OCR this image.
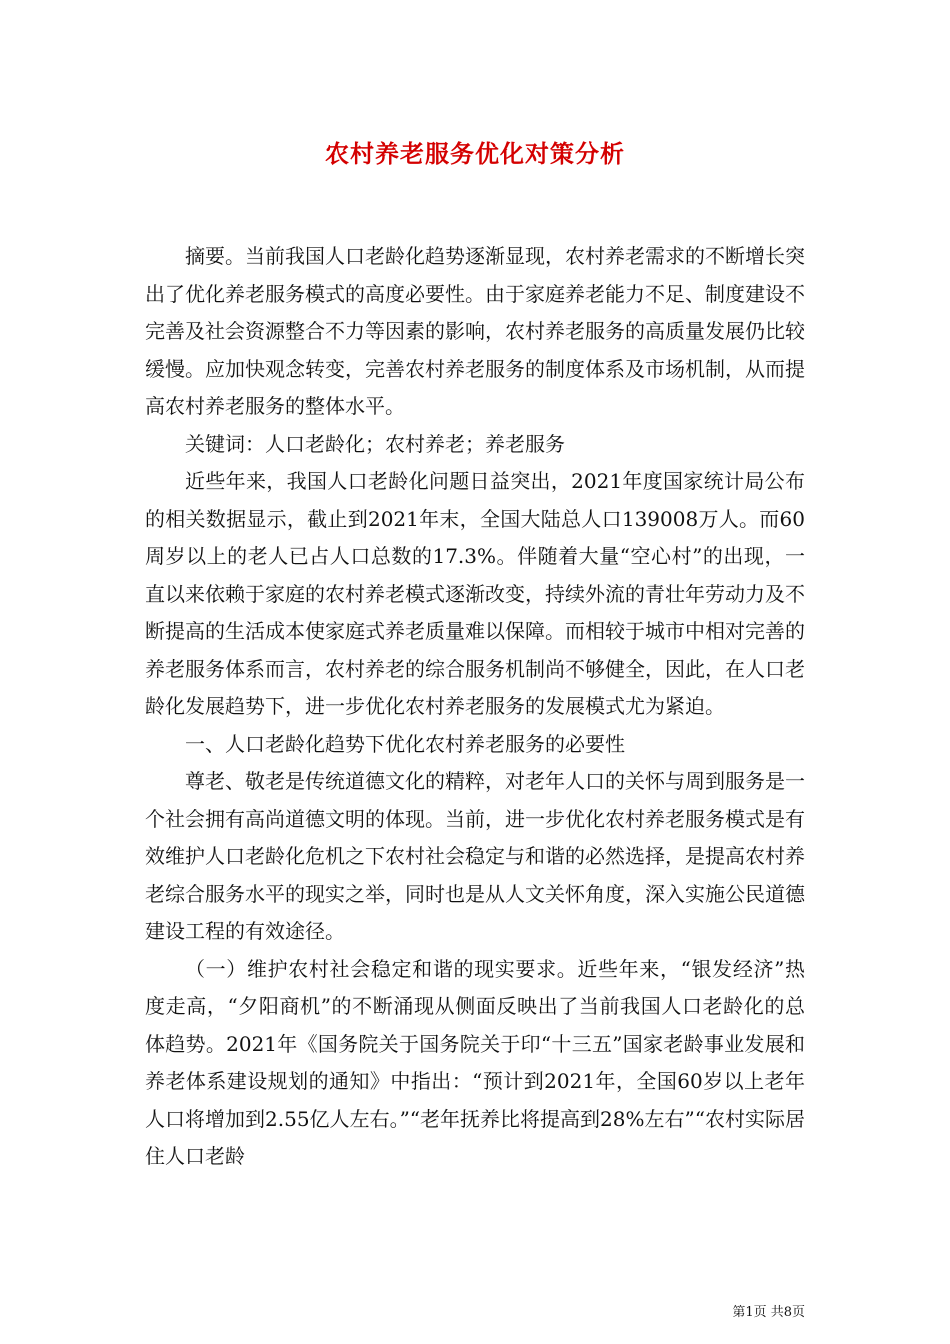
农村养老服务优化对策分析

摘要。当前我国人口老龄化趋势逐渐显现，农村养老需求的不断增长突出了优化养老服务模式的高度必要性。由于家庭养老能力不足、制度建设不完善及社会资源整合不力等因素的影响，农村养老服务的高质量发展仍比较缓慢。应加快观念转变，完善农村养老服务的制度体系及市场机制，从而提高农村养老服务的整体水平。

关键词：人口老龄化；农村养老；养老服务

近些年来，我国人口老龄化问题日益突出，2021年度国家统计局公布的相关数据显示，截止到2021年末，全国大陆总人口139008万人。而60周岁以上的老人已占人口总数的17.3%。伴随着大量“空心村”的出现，一直以来依赖于家庭的农村养老模式逐渐改变，持续外流的青壮年劳动力及不断提高的生活成本使家庭式养老质量难以保障。而相较于城市中相对完善的养老服务体系而言，农村养老的综合服务机制尚不够健全，因此，在人口老龄化发展趋势下，进一步优化农村养老服务的发展模式尤为紧迫。

一、人口老龄化趋势下优化农村养老服务的必要性

尊老、敬老是传统道德文化的精粹，对老年人口的关怀与周到服务是一个社会拥有高尚道德文明的体现。当前，进一步优化农村养老服务模式是有效维护人口老龄化危机之下农村社会稳定与和谐的必然选择，是提高农村养老综合服务水平的现实之举，同时也是从人文关怀角度，深入实施公民道德建设工程的有效途径。

（一）维护农村社会稳定和谐的现实要求。近些年来，“银发经济”热度走高，“夕阳商机”的不断涌现从侧面反映出了当前我国人口老龄化的总体趋势。2021年《国务院关于国务院关于印“十三五”国家老龄事业发展和养老体系建设规划的通知》中指出：“预计到2021年，全国60岁以上老年人口将增加到2.55亿人左右。”“老年抚养比将提高到28%左右”“农村实际居住人口老龄

第1页 共8页
